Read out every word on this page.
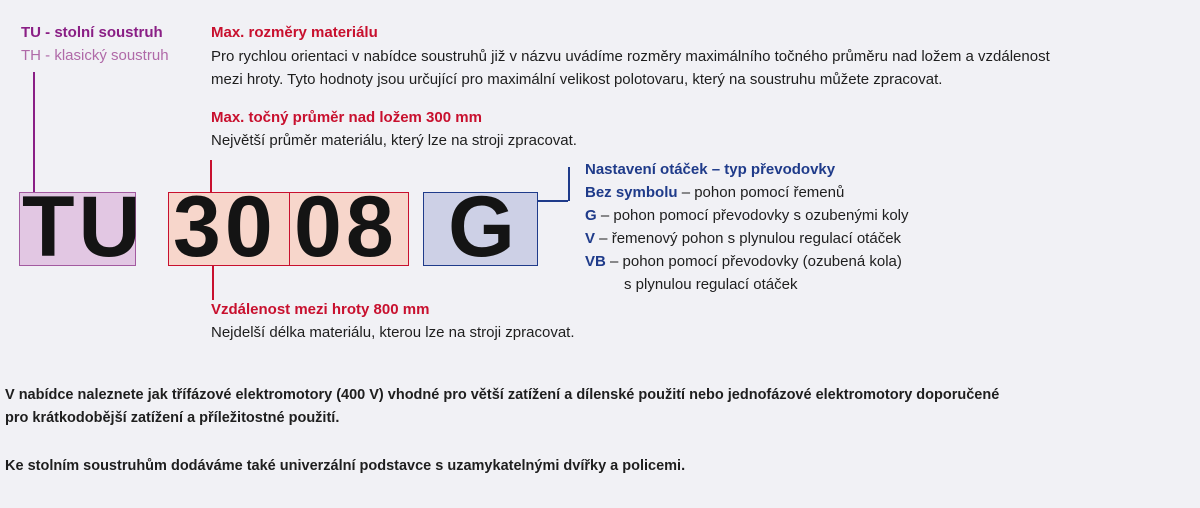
TU - stolní soustruh
TH - klasický soustruh
Max. rozměry materiálu
Pro rychlou orientaci v nabídce soustruhů již v názvu uvádíme rozměry maximálního točného průměru nad ložem a vzdálenost
mezi hroty. Tyto hodnoty jsou určující pro maximální velikost polotovaru, který na soustruhu můžete zpracovat.
Max. točný průměr nad ložem 300 mm
Největší průměr materiálu, který lze na stroji zpracovat.
TU 30 08 G
Nastavení otáček – typ převodovky
Bez symbolu – pohon pomocí řemenů
G – pohon pomocí převodovky s ozubenými koly
V – řemenový pohon s plynulou regulací otáček
VB – pohon pomocí převodovky (ozubená kola)
s plynulou regulací otáček
Vzdálenost mezi hroty 800 mm
Nejdelší délka materiálu, kterou lze na stroji zpracovat.
V nabídce naleznete jak třífázové elektromotory (400 V) vhodné pro větší zatížení a dílenské použití nebo jednofázové elektromotory doporučené
pro krátkodobější zatížení a příležitostné použití.
Ke stolním soustruhům dodáváme také univerzální podstavce s uzamykatelnými dvířky a policemi.
